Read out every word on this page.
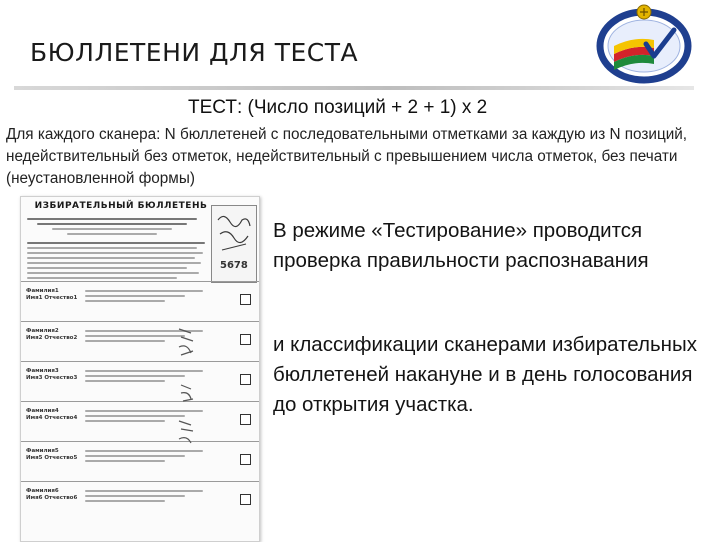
БЮЛЛЕТЕНИ ДЛЯ ТЕСТА
ТЕСТ: (Число позиций + 2 + 1) х 2
Для каждого сканера: N бюллетеней с последовательными отметками за каждую из N позиций, недействительный без отметок, недействительный с превышением числа отметок, без печати (неустановленной формы)
ИЗБИРАТЕЛЬНЫЙ БЮЛЛЕТЕНЬ
5678
Фамилия1
Имя1 Отчество1
Фамилия2
Имя2 Отчество2
Фамилия3
Имя3 Отчество3
Фамилия4
Имя4 Отчество4
Фамилия5
Имя5 Отчество5
Фамилия6
Имя6 Отчество6
В режиме «Тестирование» проводится проверка правильности распознавания
и классификации сканерами избирательных бюллетеней накануне и в день голосования до открытия участка.
